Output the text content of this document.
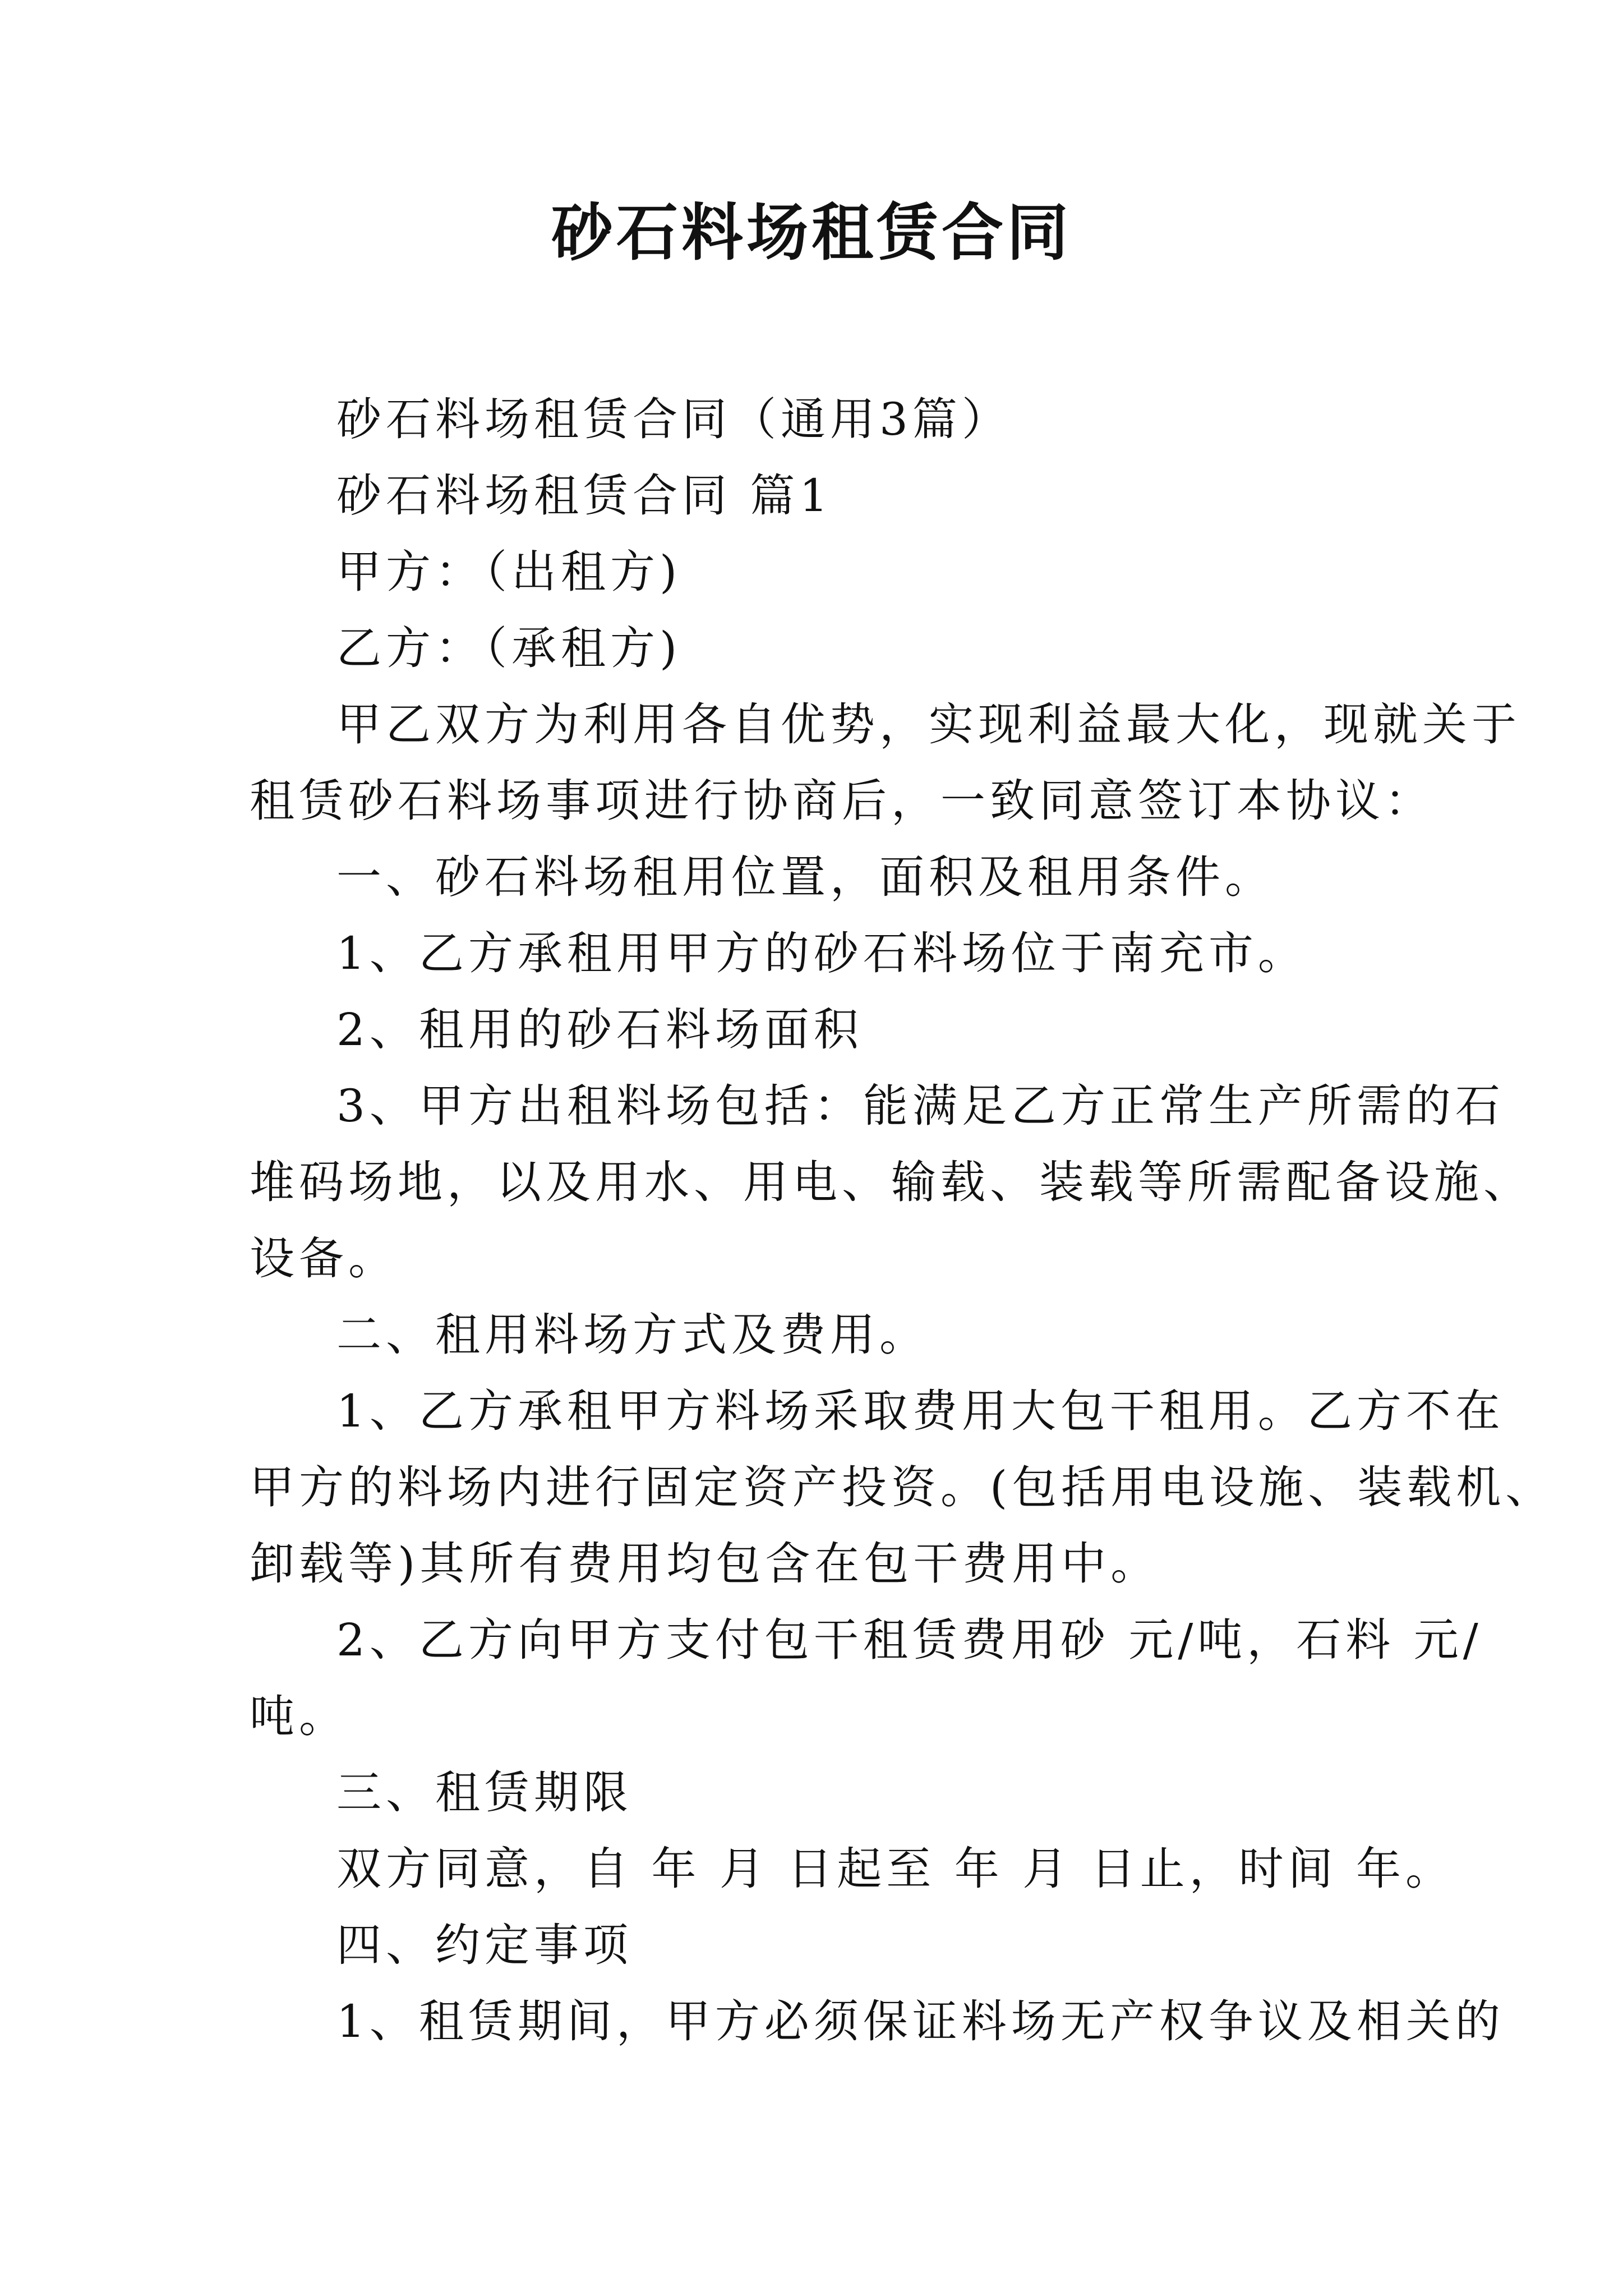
砂石料场租赁合同
砂石料场租赁合同（通用3篇）
砂石料场租赁合同 篇1
甲方：（出租方)
乙方：（承租方)
甲乙双方为利用各自优势，实现利益最大化，现就关于
租赁砂石料场事项进行协商后，一致同意签订本协议：
一、砂石料场租用位置，面积及租用条件。
1、乙方承租用甲方的砂石料场位于南充市。
2、租用的砂石料场面积
3、甲方出租料场包括：能满足乙方正常生产所需的石
堆码场地，以及用水、用电、输载、装载等所需配备设施、
设备。
二、租用料场方式及费用。
1、乙方承租甲方料场采取费用大包干租用。乙方不在
甲方的料场内进行固定资产投资。(包括用电设施、装载机、
卸载等)其所有费用均包含在包干费用中。
2、乙方向甲方支付包干租赁费用砂 元/吨，石料 元/
吨。
三、租赁期限
双方同意，自 年 月 日起至 年 月 日止，时间 年。
四、约定事项
1、租赁期间，甲方必须保证料场无产权争议及相关的
